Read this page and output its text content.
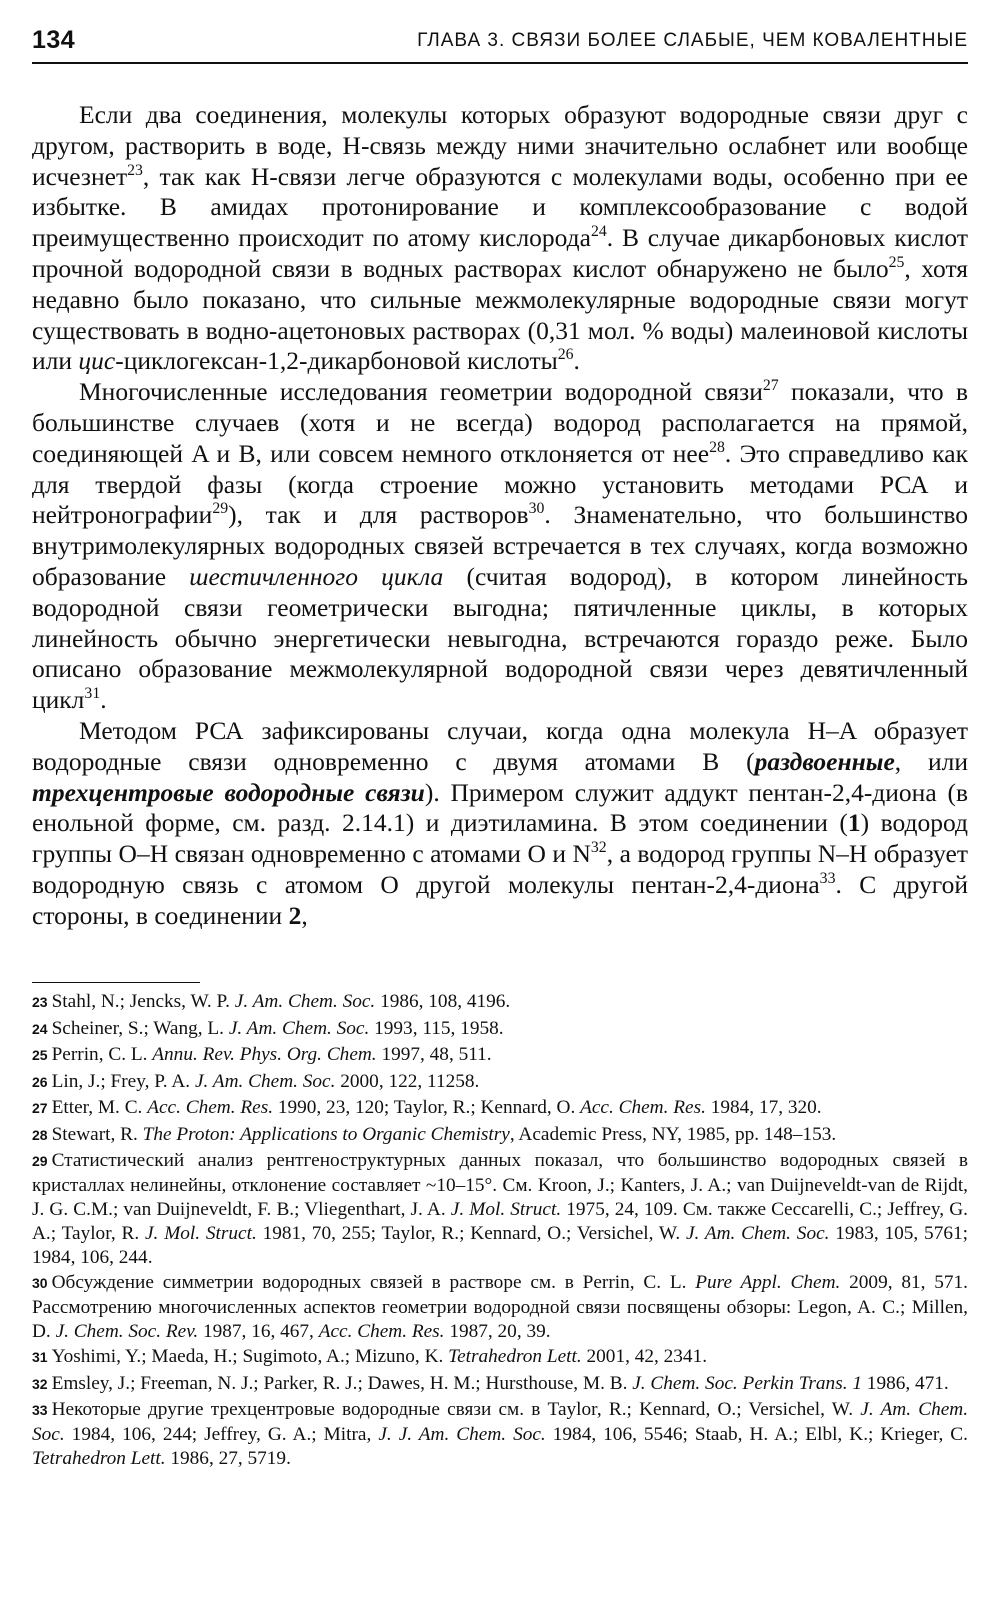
134	ГЛАВА 3. СВЯЗИ БОЛЕЕ СЛАБЫЕ, ЧЕМ КОВАЛЕНТНЫЕ

Если два соединения, молекулы которых образуют водородные связи друг с другом, растворить в воде, H-связь между ними значительно ослабнет или вообще исчезнет$^{23}$, так как H-связи легче образуются с молекулами воды, особенно при ее избытке. В амидах протонирование и комплексообразование с водой преимущественно происходит по атому кислорода$^{24}$. В случае дикарбоновых кислот прочной водородной связи в водных растворах кислот обнаружено не было$^{25}$, хотя недавно было показано, что сильные межмолекулярные водородные связи могут существовать в водно-ацетоновых растворах (0,31 мол. % воды) малеиновой кислоты или цис-циклогексан-1,2-дикарбоновой кислоты$^{26}$.

Многочисленные исследования геометрии водородной связи$^{27}$ показали, что в большинстве случаев (хотя и не всегда) водород располагается на прямой, соединяющей A и B, или совсем немного отклоняется от нее$^{28}$. Это справедливо как для твердой фазы (когда строение можно установить методами РСА и нейтронографии$^{29}$), так и для растворов$^{30}$. Знаменательно, что большинство внутримолекулярных водородных связей встречается в тех случаях, когда возможно образование шестичленного цикла (считая водород), в котором линейность водородной связи геометрически выгодна; пятичленные циклы, в которых линейность обычно энергетически невыгодна, встречаются гораздо реже. Было описано образование межмолекулярной водородной связи через девятичленный цикл$^{31}$.

Методом РСА зафиксированы случаи, когда одна молекула H–A образует водородные связи одновременно с двумя атомами B (раздвоенные, или трехцентровые водородные связи). Примером служит аддукт пентан-2,4-диона (в енольной форме, см. разд. 2.14.1) и диэтиламина. В этом соединении (1) водород группы O–H связан одновременно с атомами O и $N^{32}$, а водород группы N–H образует водородную связь с атомом O другой молекулы пентан-2,4-диона$^{33}$. С другой стороны, в соединении 2,

23 Stahl, N.; Jencks, W. P. J. Am. Chem. Soc. 1986, 108, 4196.

24 Scheiner, S.; Wang, L. J. Am. Chem. Soc. 1993, 115, 1958.

25 Perrin, C. L. Annu. Rev. Phys. Org. Chem. 1997, 48, 511.

26 Lin, J.; Frey, P. A. J. Am. Chem. Soc. 2000, 122, 11258.

27 Etter, M. C. Acc. Chem. Res. 1990, 23, 120; Taylor, R.; Kennard, O. Acc. Chem. Res. 1984, 17, 320.

28 Stewart, R. The Proton: Applications to Organic Chemistry, Academic Press, NY, 1985, pp. 148–153.

29 Статистический анализ рентгеноструктурных данных показал, что большинство водородных связей в кристаллах нелинейны, отклонение составляет ~10–15°. См. Kroon, J.; Kanters, J. A.; van Duijneveldt-van de Rijdt, J. G. C.M.; van Duijneveldt, F. B.; Vliegenthart, J. A. J. Mol. Struct. 1975, 24, 109. См. также Ceccarelli, C.; Jeffrey, G. A.; Taylor, R. J. Mol. Struct. 1981, 70, 255; Taylor, R.; Kennard, O.; Versichel, W. J. Am. Chem. Soc. 1983, 105, 5761; 1984, 106, 244.

30 Обсуждение симметрии водородных связей в растворе см. в Perrin, C. L. Pure Appl. Chem. 2009, 81, 571. Рассмотрению многочисленных аспектов геометрии водородной связи посвящены обзоры: Legon, A. C.; Millen, D. J. Chem. Soc. Rev. 1987, 16, 467, Acc. Chem. Res. 1987, 20, 39.

31 Yoshimi, Y.; Maeda, H.; Sugimoto, A.; Mizuno, K. Tetrahedron Lett. 2001, 42, 2341.

32 Emsley, J.; Freeman, N. J.; Parker, R. J.; Dawes, H. M.; Hursthouse, M. B. J. Chem. Soc. Perkin Trans. 1 1986, 471.

33 Некоторые другие трехцентровые водородные связи см. в Taylor, R.; Kennard, O.; Versichel, W. J. Am. Chem. Soc. 1984, 106, 244; Jeffrey, G. A.; Mitra, J. J. Am. Chem. Soc. 1984, 106, 5546; Staab, H. A.; Elbl, K.; Krieger, C. Tetrahedron Lett. 1986, 27, 5719.
